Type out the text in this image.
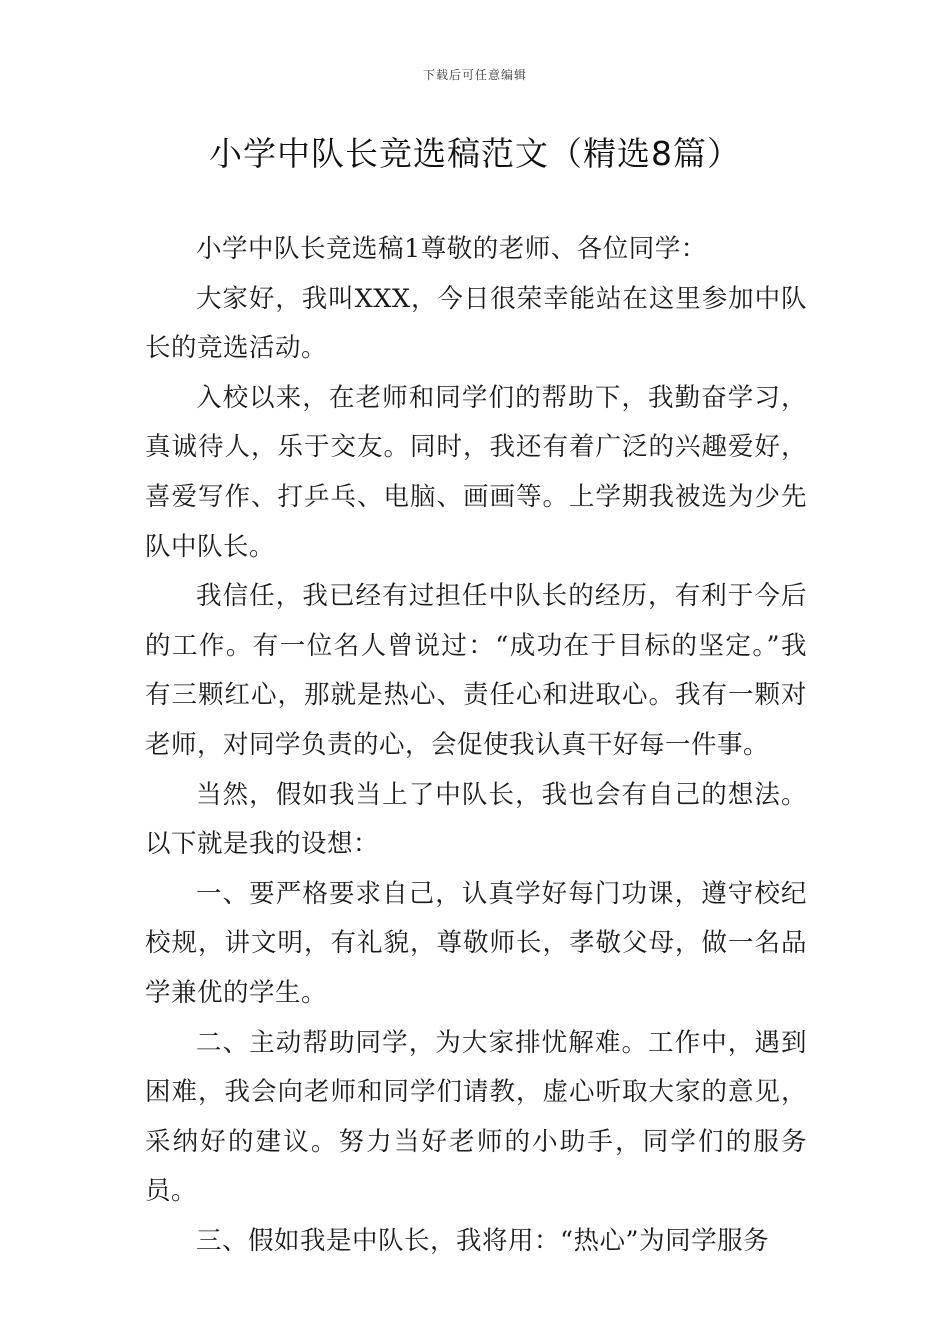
下载后可任意编辑
小学中队长竞选稿范文（精选8篇）

小学中队长竞选稿1尊敬的老师、各位同学：

大家好，我叫XXX，今日很荣幸能站在这里参加中队长的竞选活动。

入校以来，在老师和同学们的帮助下，我勤奋学习，真诚待人，乐于交友。同时，我还有着广泛的兴趣爱好，喜爱写作、打乒乓、电脑、画画等。上学期我被选为少先队中队长。

我信任，我已经有过担任中队长的经历，有利于今后的工作。有一位名人曾说过：“成功在于目标的坚定。”我有三颗红心，那就是热心、责任心和进取心。我有一颗对老师，对同学负责的心，会促使我认真干好每一件事。

当然，假如我当上了中队长，我也会有自己的想法。以下就是我的设想：

一、要严格要求自己，认真学好每门功课，遵守校纪校规，讲文明，有礼貌，尊敬师长，孝敬父母，做一名品学兼优的学生。

二、主动帮助同学，为大家排忧解难。工作中，遇到困难，我会向老师和同学们请教，虚心听取大家的意见，采纳好的建议。努力当好老师的小助手，同学们的服务员。

三、假如我是中队长，我将用：“热心”为同学服务
